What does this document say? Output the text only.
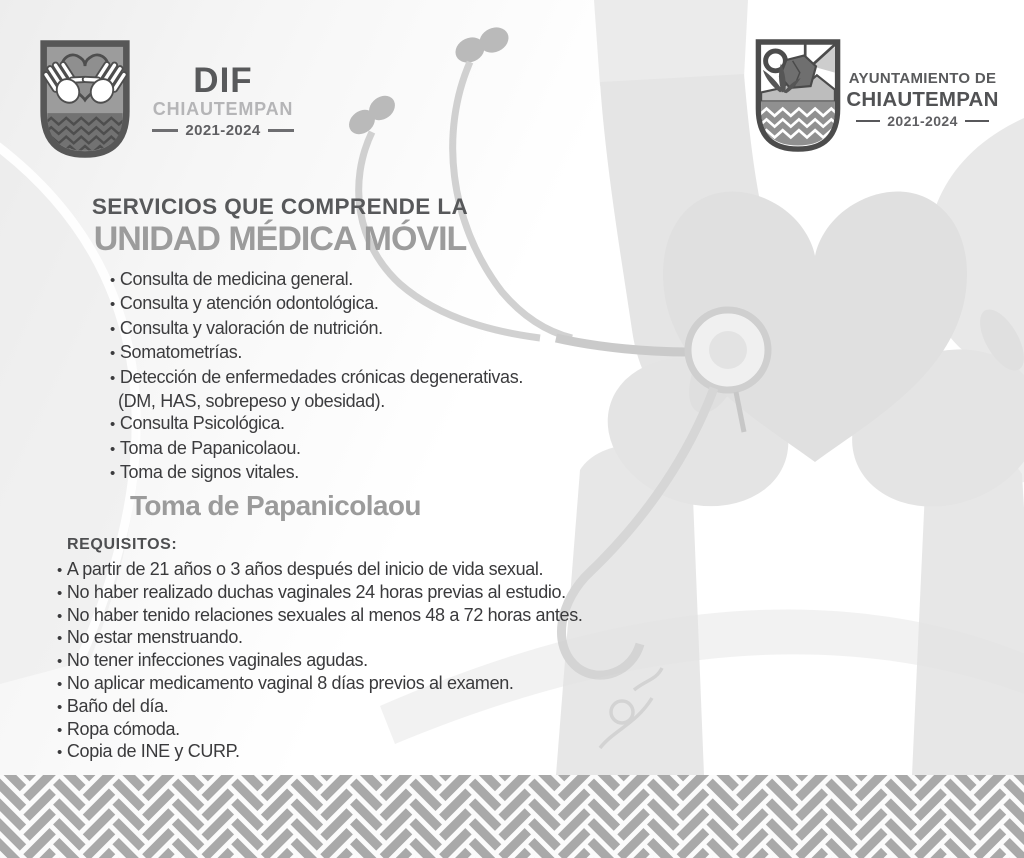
DIF
CHIAUTEMPAN
2021-2024
AYUNTAMIENTO DE
CHIAUTEMPAN
2021-2024
SERVICIOS QUE COMPRENDE LA
UNIDAD MÉDICA MÓVIL
• Consulta de medicina general.
• Consulta y atención odontológica.
• Consulta y valoración de nutrición.
• Somatometrías.
• Detección de enfermedades crónicas degenerativas.
(DM, HAS, sobrepeso y obesidad).
• Consulta Psicológica.
• Toma de Papanicolaou.
• Toma de signos vitales.
Toma de Papanicolaou
REQUISITOS:
• A partir de 21 años o 3 años después del inicio de vida sexual.
• No haber realizado duchas vaginales 24 horas previas al estudio.
• No haber tenido relaciones sexuales al menos 48 a 72 horas antes.
• No estar menstruando.
• No tener infecciones vaginales agudas.
• No aplicar medicamento vaginal 8 días previos al examen.
• Baño del día.
• Ropa cómoda.
• Copia de INE y CURP.
